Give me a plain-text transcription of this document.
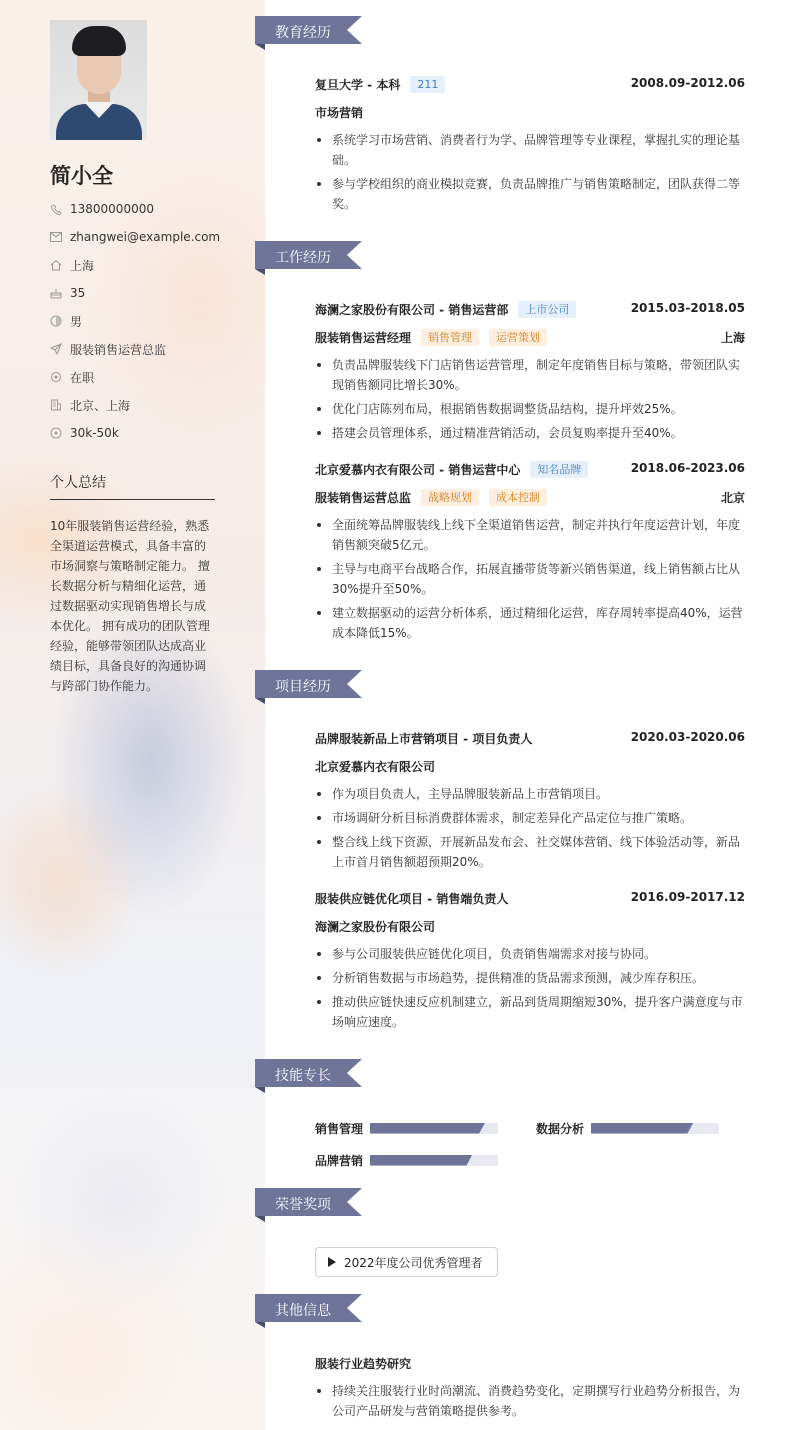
简小全
13800000000
zhangwei@example.com
上海
35
男
服装销售运营总监
在职
北京、上海
30k-50k
个人总结
10年服装销售运营经验，熟悉全渠道运营模式，具备丰富的市场洞察与策略制定能力。 擅长数据分析与精细化运营，通过数据驱动实现销售增长与成本优化。 拥有成功的团队管理经验，能够带领团队达成高业绩目标，具备良好的沟通协调与跨部门协作能力。
教育经历
复旦大学 - 本科	211	2008.09-2012.06
市场营销
系统学习市场营销、消费者行为学、品牌管理等专业课程，掌握扎实的理论基础。
参与学校组织的商业模拟竞赛，负责品牌推广与销售策略制定，团队获得二等奖。
工作经历
海澜之家股份有限公司 - 销售运营部	上市公司	2015.03-2018.05
服装销售运营经理	销售管理	运营策划	上海
负责品牌服装线下门店销售运营管理，制定年度销售目标与策略，带领团队实现销售额同比增长30%。
优化门店陈列布局，根据销售数据调整货品结构，提升坪效25%。
搭建会员管理体系，通过精准营销活动，会员复购率提升至40%。
北京爱慕内衣有限公司 - 销售运营中心	知名品牌	2018.06-2023.06
服装销售运营总监	战略规划	成本控制	北京
全面统筹品牌服装线上线下全渠道销售运营，制定并执行年度运营计划，年度销售额突破5亿元。
主导与电商平台战略合作，拓展直播带货等新兴销售渠道，线上销售额占比从30%提升至50%。
建立数据驱动的运营分析体系，通过精细化运营，库存周转率提高40%，运营成本降低15%。
项目经历
品牌服装新品上市营销项目 - 项目负责人	2020.03-2020.06
北京爱慕内衣有限公司
作为项目负责人，主导品牌服装新品上市营销项目。
市场调研分析目标消费群体需求，制定差异化产品定位与推广策略。
整合线上线下资源，开展新品发布会、社交媒体营销、线下体验活动等，新品上市首月销售额超预期20%。
服装供应链优化项目 - 销售端负责人	2016.09-2017.12
海澜之家股份有限公司
参与公司服装供应链优化项目，负责销售端需求对接与协同。
分析销售数据与市场趋势，提供精准的货品需求预测，减少库存积压。
推动供应链快速反应机制建立，新品到货周期缩短30%，提升客户满意度与市场响应速度。
技能专长
销售管理	数据分析
品牌营销
荣誉奖项
2022年度公司优秀管理者
其他信息
服装行业趋势研究
持续关注服装行业时尚潮流、消费趋势变化，定期撰写行业趋势分析报告，为公司产品研发与营销策略提供参考。
